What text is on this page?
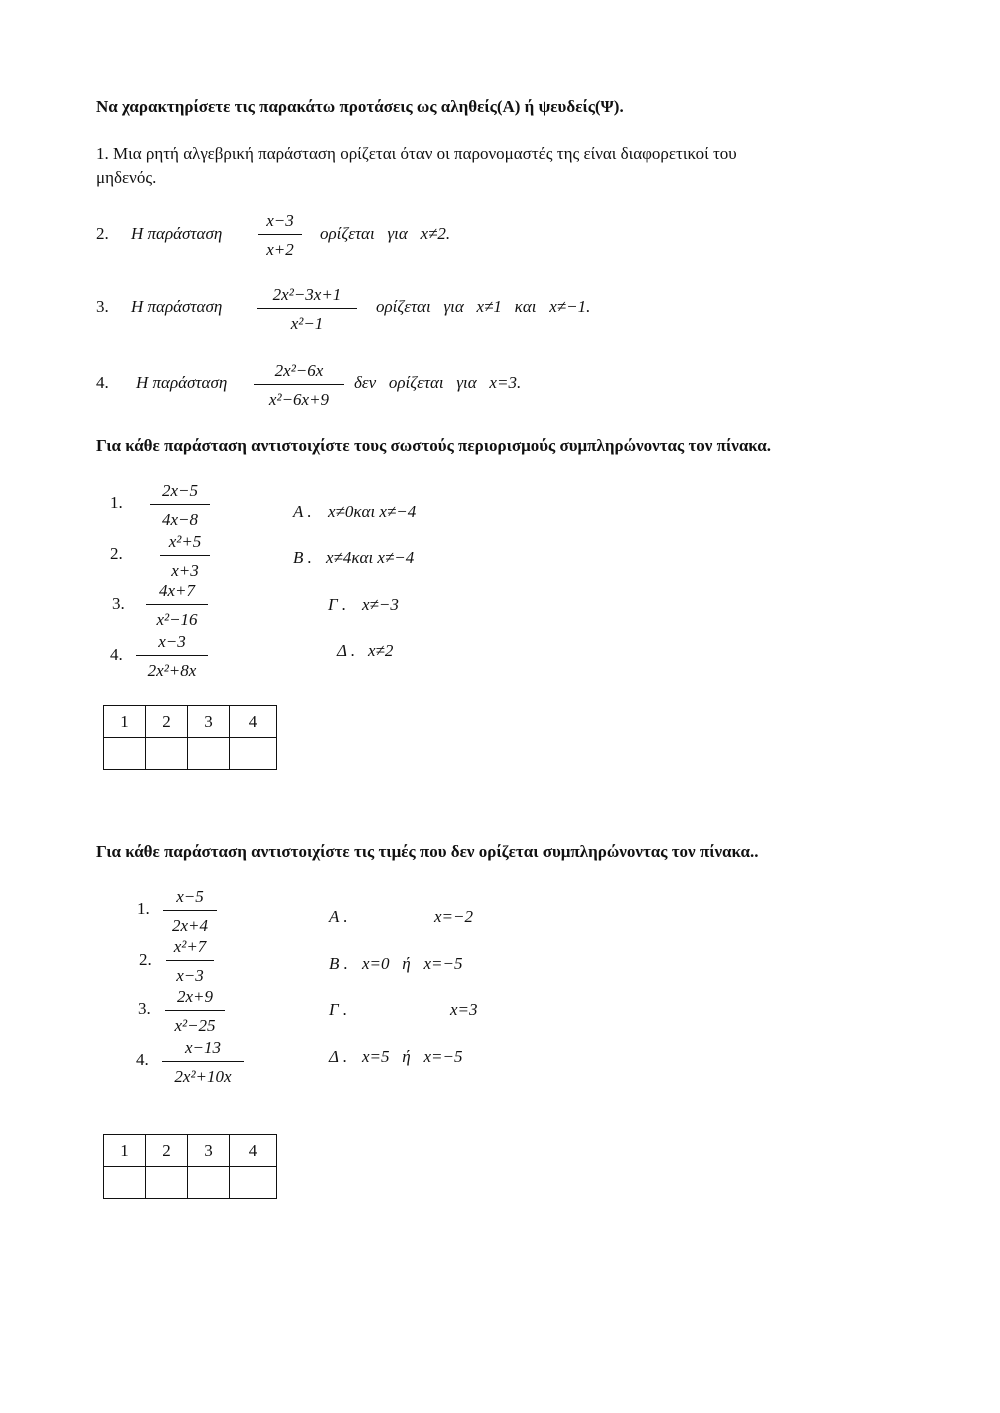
Να χαρακτηρίσετε τις παρακάτω προτάσεις ως αληθείς(Α) ή ψευδείς(Ψ).
1. Μια ρητή αλγεβρική παράσταση ορίζεται όταν οι παρονομαστές της είναι διαφορετικοί του
μηδενός.
2. Η παράσταση
x−3
x+2
ορίζεται   για   x≠2.
3. Η παράσταση
2x²−3x+1
x²−1
ορίζεται   για   x≠1   και   x≠−1.
4. Η παράσταση
2x²−6x
x²−6x+9
δεν   ορίζεται   για   x=3.
Για κάθε παράσταση αντιστοιχίστε τους σωστούς περιορισμούς συμπληρώνοντας τον πίνακα.
1.
2x−5
4x−8
2.
x²+5
x+3
3.
4x+7
x²−16
4.
x−3
2x²+8x
Α . x≠0και x≠−4
Β . x≠4και x≠−4
Γ . x≠−3
Δ . x≠2
1	2	3	4

Για κάθε παράσταση αντιστοιχίστε τις τιμές που δεν ορίζεται συμπληρώνοντας τον πίνακα..
1.
x−5
2x+4
2.
x²+7
x−3
3.
2x+9
x²−25
4.
x−13
2x²+10x
Α .	x=−2
Β . x=0   ή   x=−5
Γ .	x=3
Δ . x=5   ή   x=−5
1	2	3	4
